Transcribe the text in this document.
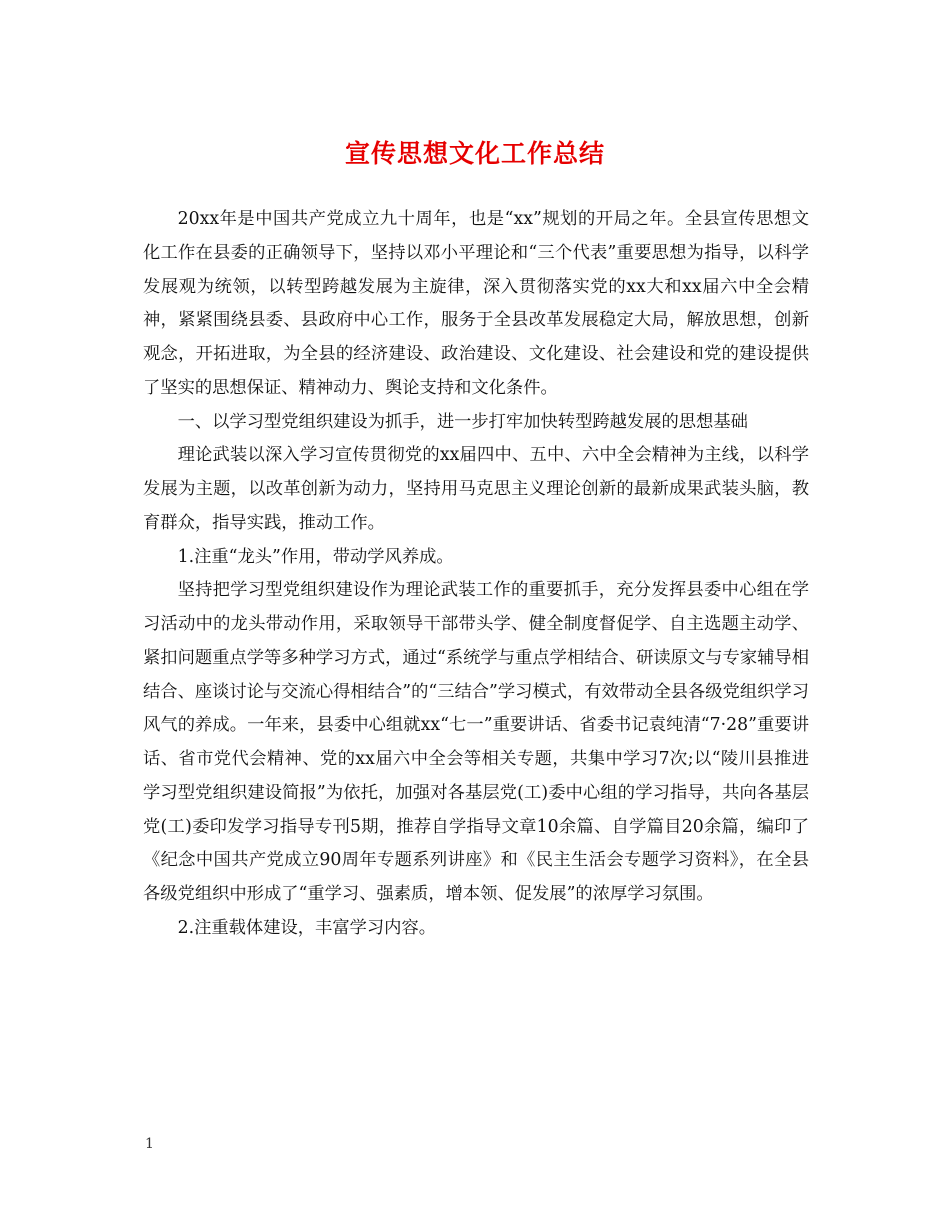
宣传思想文化工作总结

20xx年是中国共产党成立九十周年，也是“xx”规划的开局之年。全县宣传思想文化工作在县委的正确领导下，坚持以邓小平理论和“三个代表”重要思想为指导，以科学发展观为统领，以转型跨越发展为主旋律，深入贯彻落实党的xx大和xx届六中全会精神，紧紧围绕县委、县政府中心工作，服务于全县改革发展稳定大局，解放思想，创新观念，开拓进取，为全县的经济建设、政治建设、文化建设、社会建设和党的建设提供了坚实的思想保证、精神动力、舆论支持和文化条件。

一、以学习型党组织建设为抓手，进一步打牢加快转型跨越发展的思想基础

理论武装以深入学习宣传贯彻党的xx届四中、五中、六中全会精神为主线，以科学发展为主题，以改革创新为动力，坚持用马克思主义理论创新的最新成果武装头脑，教育群众，指导实践，推动工作。

1.注重“龙头”作用，带动学风养成。

坚持把学习型党组织建设作为理论武装工作的重要抓手，充分发挥县委中心组在学习活动中的龙头带动作用，采取领导干部带头学、健全制度督促学、自主选题主动学、紧扣问题重点学等多种学习方式，通过“系统学与重点学相结合、研读原文与专家辅导相结合、座谈讨论与交流心得相结合”的“三结合”学习模式，有效带动全县各级党组织学习风气的养成。一年来，县委中心组就xx“七一”重要讲话、省委书记袁纯清“7·28”重要讲话、省市党代会精神、党的xx届六中全会等相关专题，共集中学习7次;以“陵川县推进学习型党组织建设简报”为依托，加强对各基层党(工)委中心组的学习指导，共向各基层党(工)委印发学习指导专刊5期，推荐自学指导文章10余篇、自学篇目20余篇，编印了《纪念中国共产党成立90周年专题系列讲座》和《民主生活会专题学习资料》，在全县各级党组织中形成了“重学习、强素质，增本领、促发展”的浓厚学习氛围。

2.注重载体建设，丰富学习内容。

1
